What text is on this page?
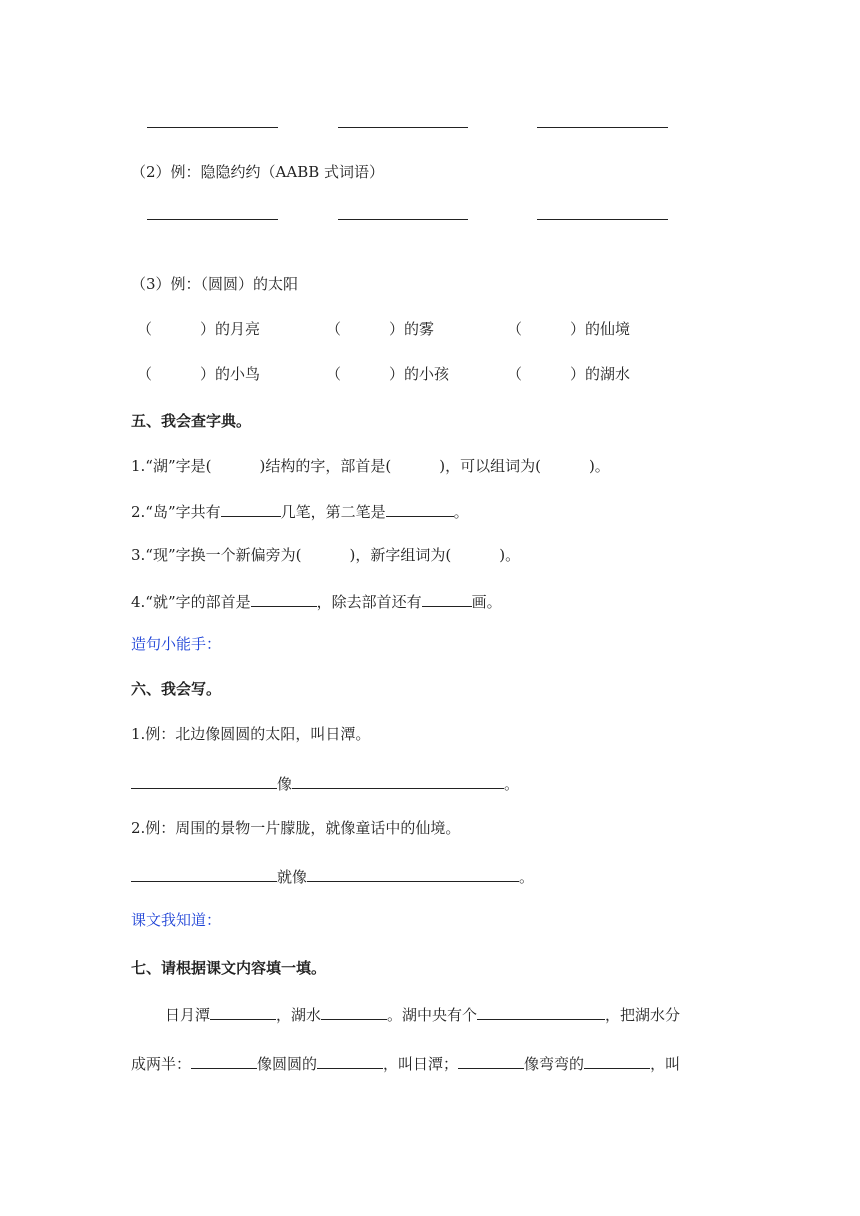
（2）例：隐隐约约（AABB 式词语）
（3）例：（圆圆）的太阳
（	）的月亮	（	）的雾	（	）的仙境
（	）的小鸟	（	）的小孩	（	）的湖水
五、我会查字典。
1.“湖”字是(	)结构的字，部首是(	)，可以组词为(	)。
2.“岛”字共有	几笔，第二笔是	。
3.“现”字换一个新偏旁为(	)，新字组词为(	)。
4.“就”字的部首是	，除去部首还有	画。
造句小能手：
六、我会写。
1.例：北边像圆圆的太阳，叫日潭。
像	。
2.例：周围的景物一片朦胧，就像童话中的仙境。
就像	。
课文我知道：
七、请根据课文内容填一填。
日月潭	，湖水	。湖中央有个	，把湖水分
成两半：	像圆圆的	，叫日潭；	像弯弯的	，叫
